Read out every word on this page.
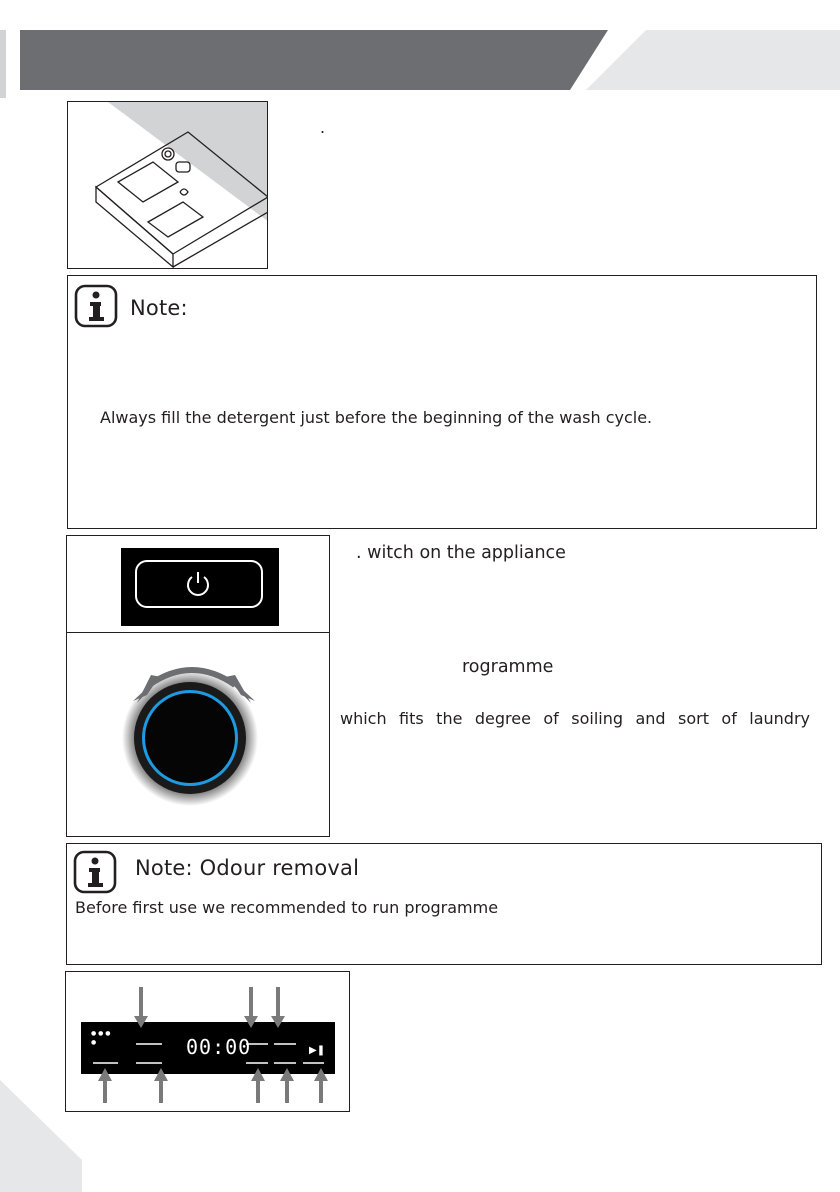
.
Note:
Always fill the detergent just before the beginning of the wash cycle.
. witch on the appliance
rogramme
which fits the degree of soiling and sort of laundry
Note: Odour removal
Before first use we recommended to run programme
● ● ●
●
▶❚
00:00
